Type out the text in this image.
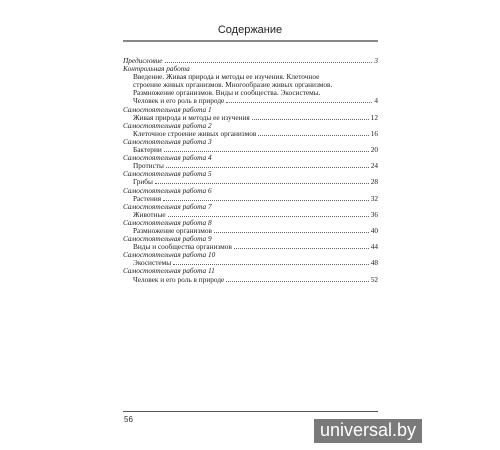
Содержание
Предисловие	3
Контрольная работа
Введение. Живая природа и методы ее изучения. Клеточное
строение живых организмов. Многообразие живых организмов.
Размножение организмов. Виды и сообщества. Экосистемы.
Человек и его роль в природе	4
Самостоятельная работа 1
Живая природа и методы ее изучения	12
Самостоятельная работа 2
Клеточное строение живых организмов	16
Самостоятельная работа 3
Бактерии	20
Самостоятельная работа 4
Протисты	24
Самостоятельная работа 5
Грибы	28
Самостоятельная работа 6
Растения	32
Самостоятельная работа 7
Животные	36
Самостоятельная работа 8
Размножение организмов	40
Самостоятельная работа 9
Виды и сообщества организмов	44
Самостоятельная работа 10
Экосистемы	48
Самостоятельная работа 11
Человек и его роль в природе	52
56
universal.by
